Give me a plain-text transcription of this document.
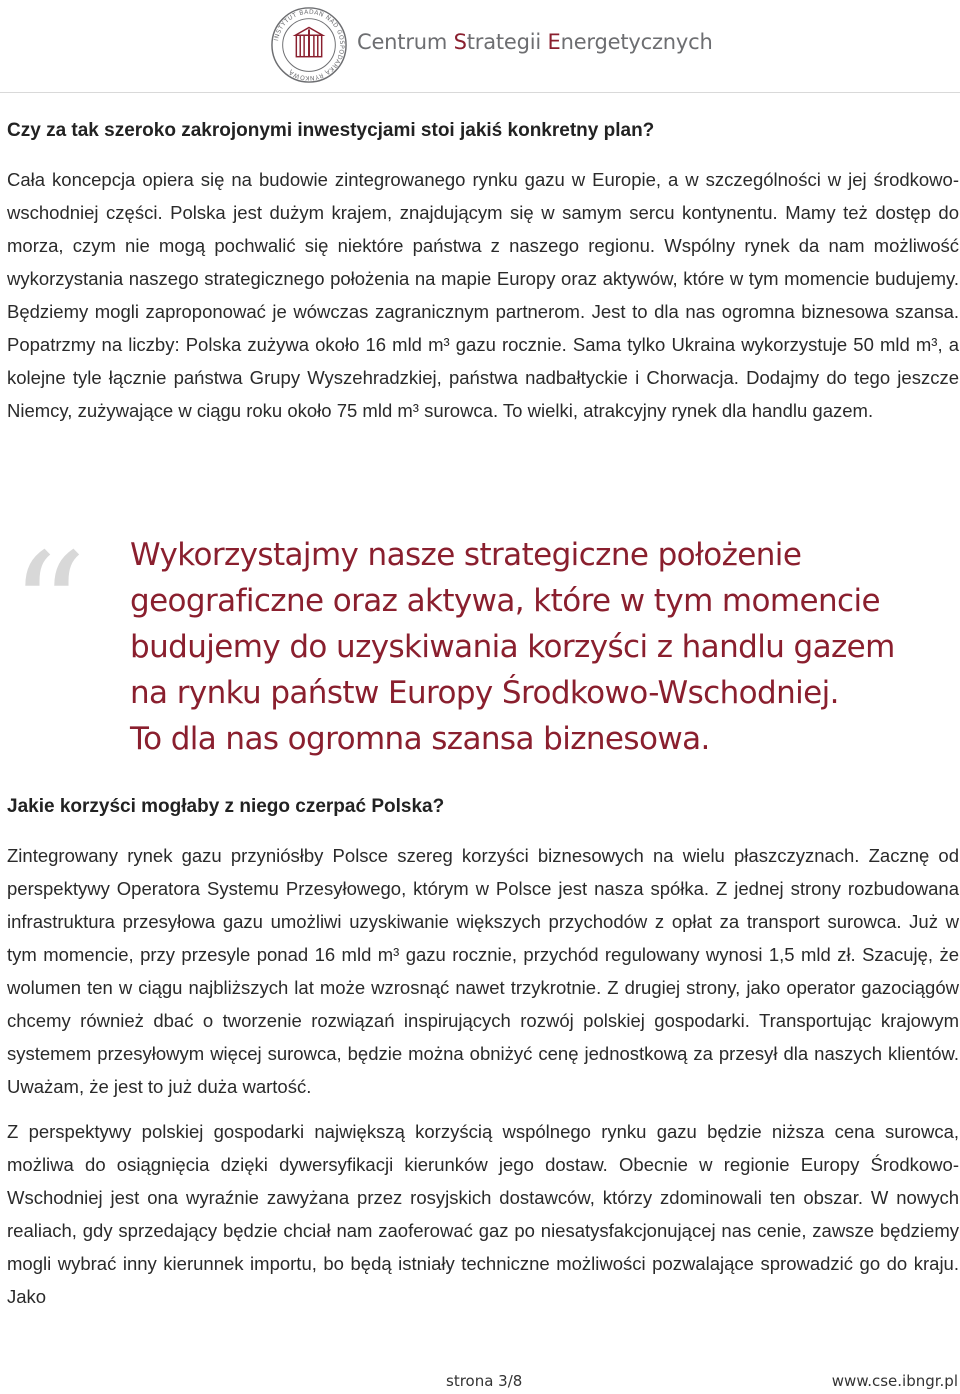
INSTYTUT BADAŃ NAD GOSPODARKĄ RYNKOWĄ
Centrum Strategii Energetycznych

Czy za tak szeroko zakrojonymi inwestycjami stoi jakiś konkretny plan?

Cała koncepcja opiera się na budowie zintegrowanego rynku gazu w Europie, a w szczególności w jej środkowo-wschodniej części. Polska jest dużym krajem, znajdującym się w samym sercu kontynentu. Mamy też dostęp do morza, czym nie mogą pochwalić się niektóre państwa z naszego regionu. Wspólny rynek da nam możliwość wykorzystania naszego strategicznego położenia na mapie Europy oraz aktywów, które w tym momencie budujemy. Będziemy mogli zaproponować je wówczas zagranicznym partnerom. Jest to dla nas ogromna biznesowa szansa. Popatrzmy na liczby: Polska zużywa około 16 mld m³ gazu rocznie. Sama tylko Ukraina wykorzystuje 50 mld m³, a kolejne tyle łącznie państwa Grupy Wyszehradzkiej, państwa nadbałtyckie i Chorwacja. Dodajmy do tego jeszcze Niemcy, zużywające w ciągu roku około 75 mld m³ surowca. To wielki, atrakcyjny rynek dla handlu gazem.

“ Wykorzystajmy nasze strategiczne położenie
geograficzne oraz aktywa, które w tym momencie
budujemy do uzyskiwania korzyści z handlu gazem
na rynku państw Europy Środkowo-Wschodniej.
To dla nas ogromna szansa biznesowa.

Jakie korzyści mogłaby z niego czerpać Polska?

Zintegrowany rynek gazu przyniósłby Polsce szereg korzyści biznesowych na wielu płaszczyznach. Zacznę od perspektywy Operatora Systemu Przesyłowego, którym w Polsce jest nasza spółka. Z jednej strony rozbudowana infrastruktura przesyłowa gazu umożliwi uzyskiwanie większych przychodów z opłat za transport surowca. Już w tym momencie, przy przesyle ponad 16 mld m³ gazu rocznie, przychód regulowany wynosi 1,5 mld zł. Szacuję, że wolumen ten w ciągu najbliższych lat może wzrosnąć nawet trzykrotnie. Z drugiej strony, jako operator gazociągów chcemy również dbać o tworzenie rozwiązań inspirujących rozwój polskiej gospodarki. Transportując krajowym systemem przesyłowym więcej surowca, będzie można obniżyć cenę jednostkową za przesył dla naszych klientów. Uważam, że jest to już duża wartość.

Z perspektywy polskiej gospodarki największą korzyścią wspólnego rynku gazu będzie niższa cena surowca, możliwa do osiągnięcia dzięki dywersyfikacji kierunków jego dostaw. Obecnie w regionie Europy Środkowo-Wschodniej jest ona wyraźnie zawyżana przez rosyjskich dostawców, którzy zdominowali ten obszar. W nowych realiach, gdy sprzedający będzie chciał nam zaoferować gaz po niesatysfakcjonującej nas cenie, zawsze będziemy mogli wybrać inny kierunnek importu, bo będą istniały techniczne możliwości pozwalające sprowadzić go do kraju. Jako

strona 3/8	www.cse.ibngr.pl
